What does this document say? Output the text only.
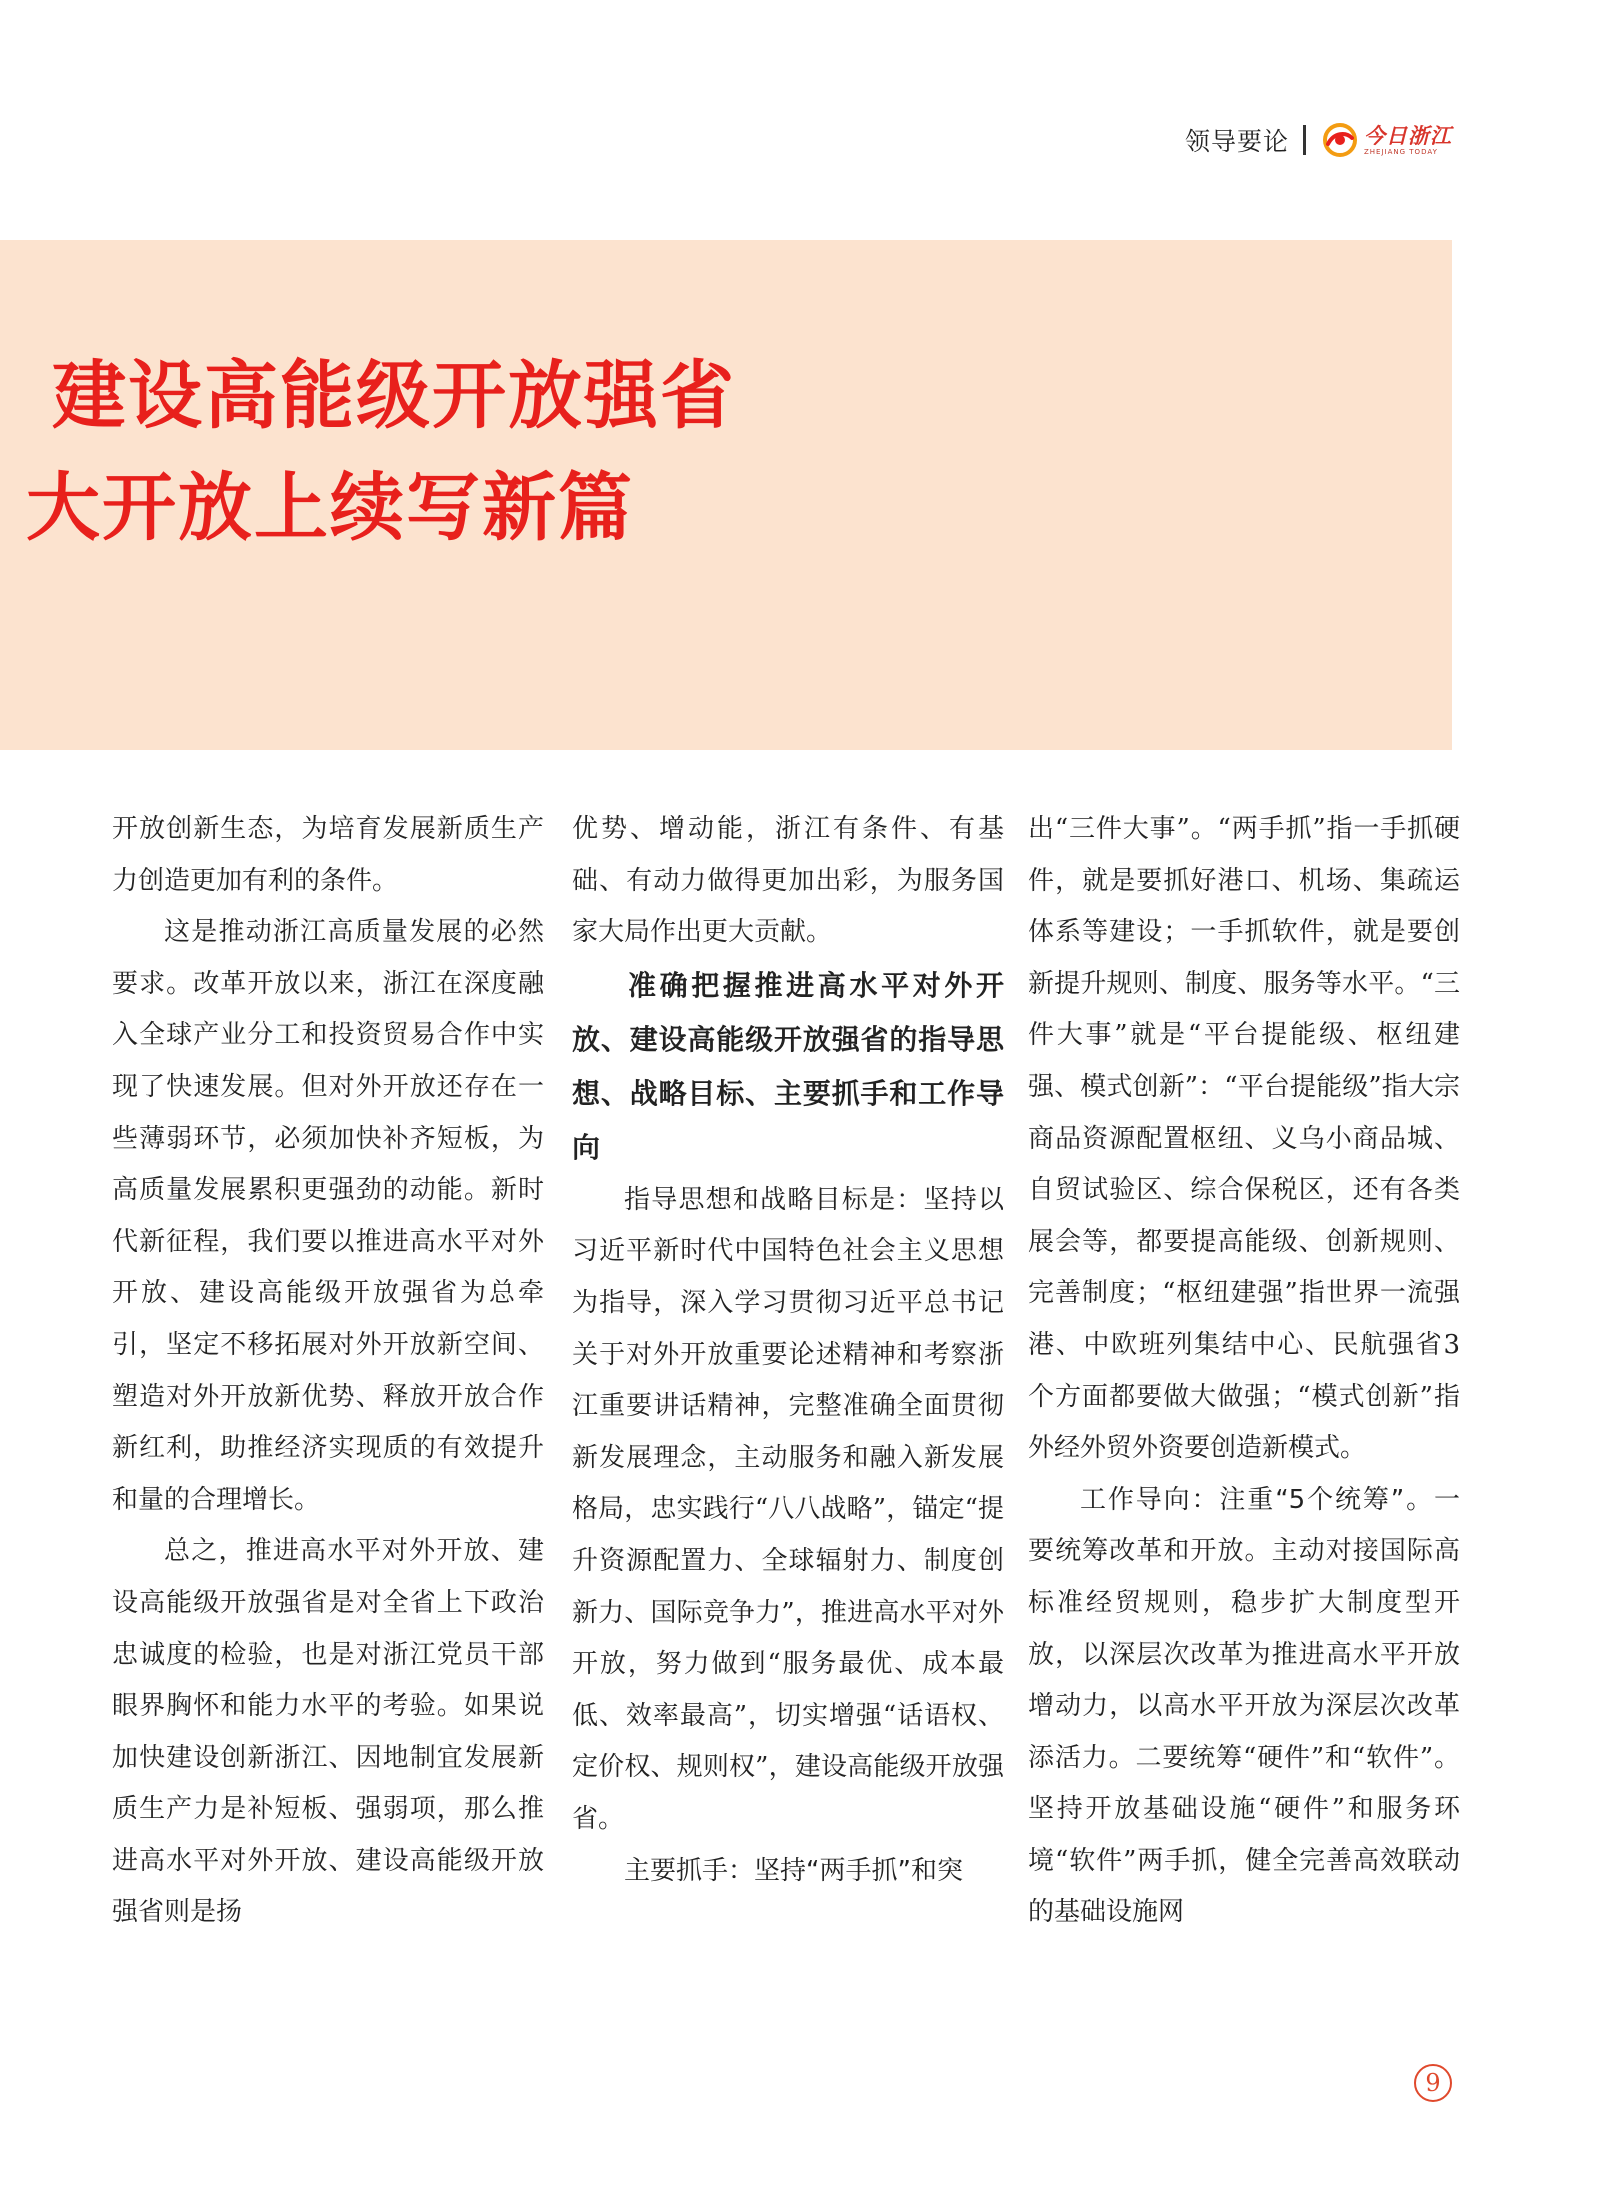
领导要论	今日浙江
ZHEJIANG TODAY
建设高能级开放强省
大开放上续写新篇

开放创新生态，为培育发展新质生产力创造更加有利的条件。

这是推动浙江高质量发展的必然要求。改革开放以来，浙江在深度融入全球产业分工和投资贸易合作中实现了快速发展。但对外开放还存在一些薄弱环节，必须加快补齐短板，为高质量发展累积更强劲的动能。新时代新征程，我们要以推进高水平对外开放、建设高能级开放强省为总牵引，坚定不移拓展对外开放新空间、塑造对外开放新优势、释放开放合作新红利，助推经济实现质的有效提升和量的合理增长。

总之，推进高水平对外开放、建设高能级开放强省是对全省上下政治忠诚度的检验，也是对浙江党员干部眼界胸怀和能力水平的考验。如果说加快建设创新浙江、因地制宜发展新质生产力是补短板、强弱项，那么推进高水平对外开放、建设高能级开放强省则是扬

优势、增动能，浙江有条件、有基础、有动力做得更加出彩，为服务国家大局作出更大贡献。

准确把握推进高水平对外开放、建设高能级开放强省的指导思想、战略目标、主要抓手和工作导向

指导思想和战略目标是：坚持以习近平新时代中国特色社会主义思想为指导，深入学习贯彻习近平总书记关于对外开放重要论述精神和考察浙江重要讲话精神，完整准确全面贯彻新发展理念，主动服务和融入新发展格局，忠实践行“八八战略”，锚定“提升资源配置力、全球辐射力、制度创新力、国际竞争力”，推进高水平对外开放，努力做到“服务最优、成本最低、效率最高”，切实增强“话语权、定价权、规则权”，建设高能级开放强省。

主要抓手：坚持“两手抓”和突

出“三件大事”。“两手抓”指一手抓硬件，就是要抓好港口、机场、集疏运体系等建设；一手抓软件，就是要创新提升规则、制度、服务等水平。“三件大事”就是“平台提能级、枢纽建强、模式创新”：“平台提能级”指大宗商品资源配置枢纽、义乌小商品城、自贸试验区、综合保税区，还有各类展会等，都要提高能级、创新规则、完善制度；“枢纽建强”指世界一流强港、中欧班列集结中心、民航强省3个方面都要做大做强；“模式创新”指外经外贸外资要创造新模式。

工作导向：注重“5个统筹”。一要统筹改革和开放。主动对接国际高标准经贸规则，稳步扩大制度型开放，以深层次改革为推进高水平开放增动力，以高水平开放为深层次改革添活力。二要统筹“硬件”和“软件”。坚持开放基础设施“硬件”和服务环境“软件”两手抓，健全完善高效联动的基础设施网

9
